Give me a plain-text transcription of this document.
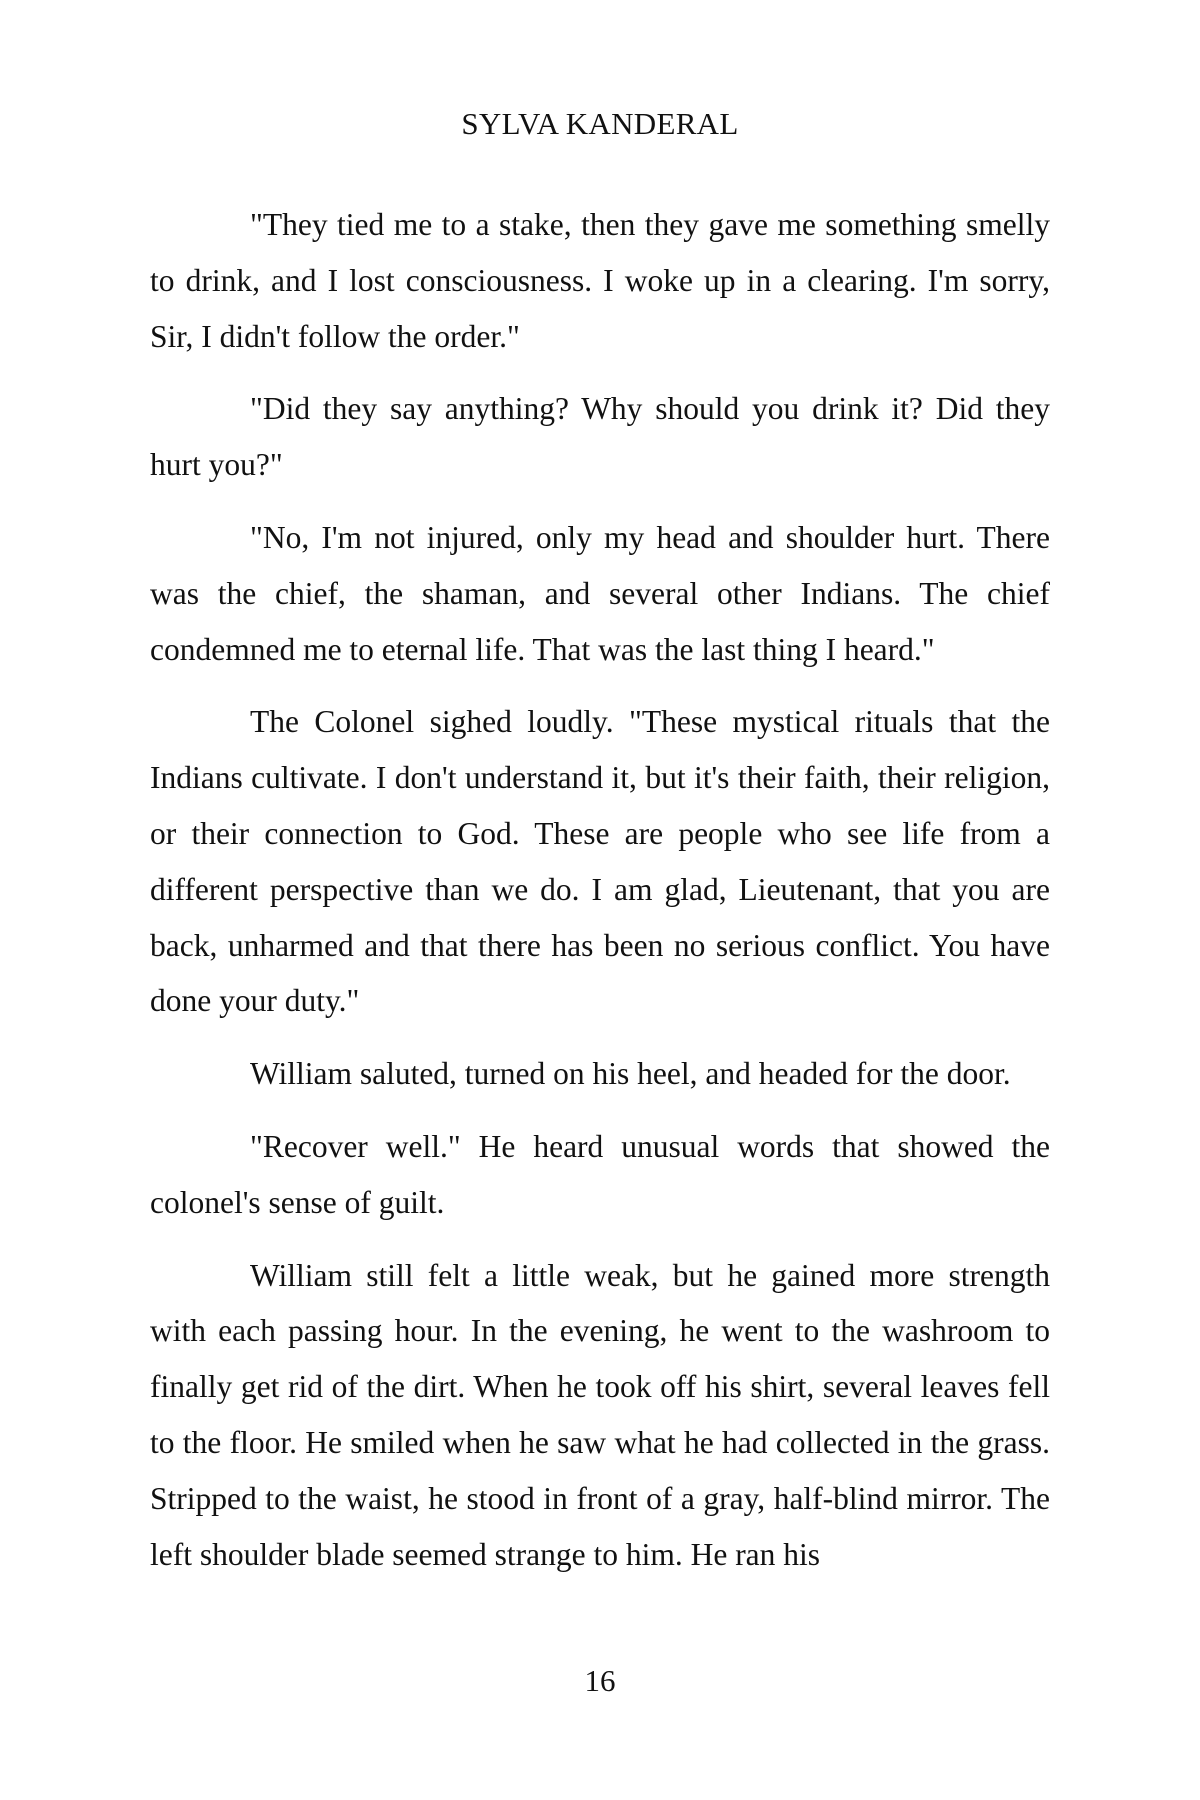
SYLVA KANDERAL

"They tied me to a stake, then they gave me something smelly to drink, and I lost consciousness. I woke up in a clearing. I'm sorry, Sir, I didn't follow the order."

"Did they say anything? Why should you drink it? Did they hurt you?"

"No, I'm not injured, only my head and shoulder hurt. There was the chief, the shaman, and several other Indians. The chief condemned me to eternal life. That was the last thing I heard."

The Colonel sighed loudly. "These mystical rituals that the Indians cultivate. I don't understand it, but it's their faith, their religion, or their connection to God. These are people who see life from a different perspective than we do. I am glad, Lieutenant, that you are back, unharmed and that there has been no serious conflict. You have done your duty."

William saluted, turned on his heel, and headed for the door.

"Recover well." He heard unusual words that showed the colonel's sense of guilt.

William still felt a little weak, but he gained more strength with each passing hour. In the evening, he went to the washroom to finally get rid of the dirt. When he took off his shirt, several leaves fell to the floor. He smiled when he saw what he had collected in the grass. Stripped to the waist, he stood in front of a gray, half-blind mirror. The left shoulder blade seemed strange to him. He ran his

16
